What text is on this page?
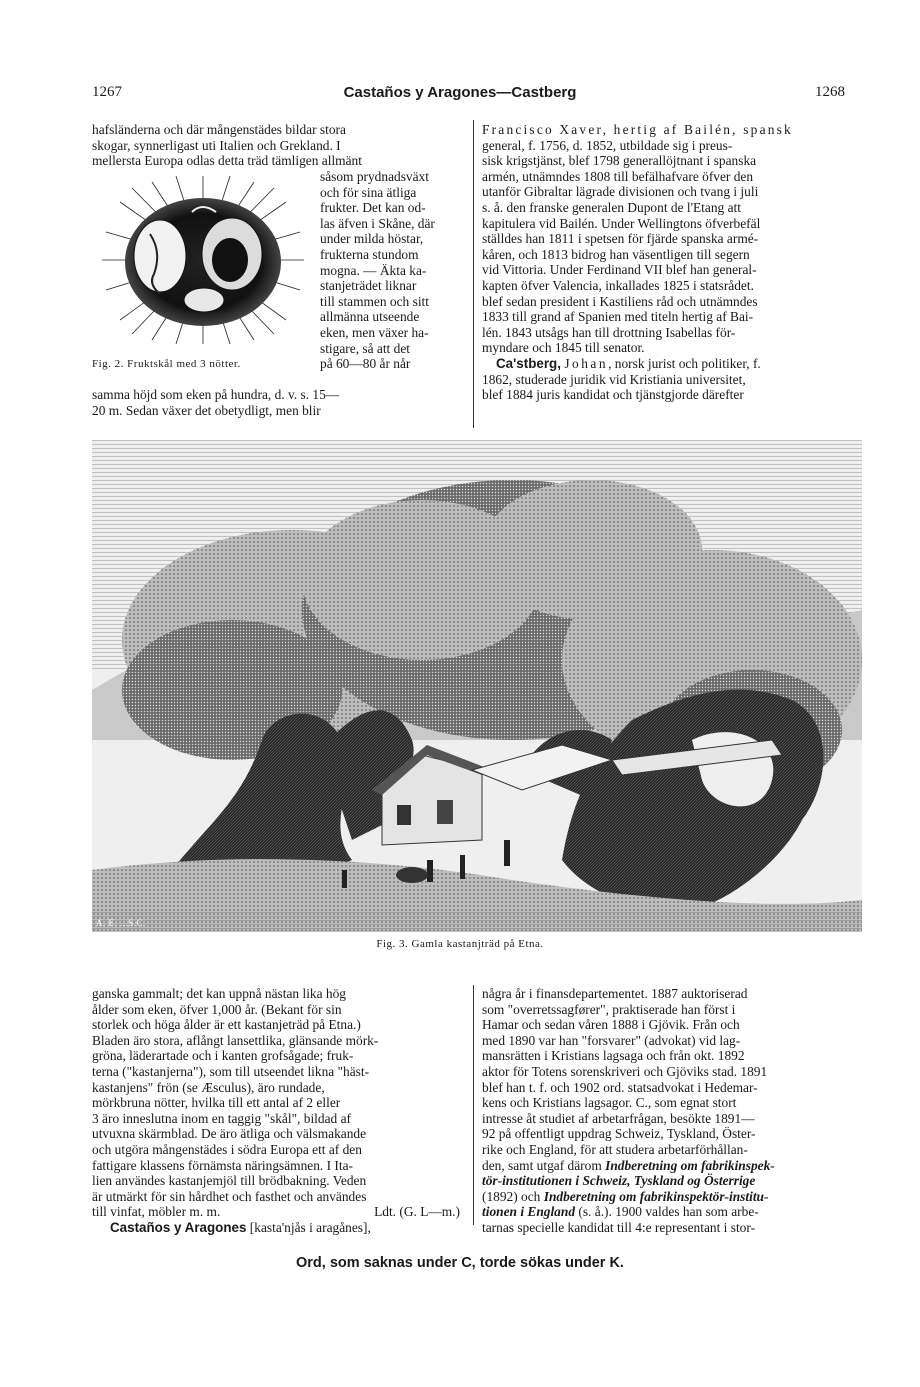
1267	Castaños y Aragones—Castberg	1268
hafsländerna och där mångenstädes bildar stora
skogar, synnerligast uti Italien och Grekland. I
mellersta Europa odlas detta träd tämligen allmänt
såsom prydnadsväxt
och för sina ätliga
frukter. Det kan od-
las äfven i Skåne, där
under milda höstar,
frukterna stundom
mogna. — Äkta ka-
stanjeträdet liknar
till stammen och sitt
allmänna utseende
eken, men växer ha-
stigare, så att det
på 60—80 år når
Fig. 2. Fruktskål med 3 nötter.
samma höjd som eken på hundra, d. v. s. 15—
20 m. Sedan växer det obetydligt, men blir
Francisco Xaver, hertig af Bailén, spansk
general, f. 1756, d. 1852, utbildade sig i preus-
sisk krigstjänst, blef 1798 generallöjtnant i spanska
armén, utnämndes 1808 till befälhafvare öfver den
utanför Gibraltar lägrade divisionen och tvang i juli
s. å. den franske generalen Dupont de l'Etang att
kapitulera vid Bailén. Under Wellingtons öfverbefäl
ställdes han 1811 i spetsen för fjärde spanska armé-
kåren, och 1813 bidrog han väsentligen till segern
vid Vittoria. Under Ferdinand VII blef han general-
kapten öfver Valencia, inkallades 1825 i statsrådet.
blef sedan president i Kastiliens råd och utnämndes
1833 till grand af Spanien med titeln hertig af Bai-
lén. 1843 utsågs han till drottning Isabellas för-
myndare och 1845 till senator.
Ca'stberg, Johan, norsk jurist och politiker, f.
1862, studerade juridik vid Kristiania universitet,
blef 1884 juris kandidat och tjänstgjorde därefter
A. E. ...S.C.
Fig. 3. Gamla kastanjträd på Etna.
ganska gammalt; det kan uppnå nästan lika hög
ålder som eken, öfver 1,000 år. (Bekant för sin
storlek och höga ålder är ett kastanjeträd på Etna.)
Bladen äro stora, aflångt lansettlika, glänsande mörk-
gröna, läderartade och i kanten grofsågade; fruk-
terna ("kastanjerna"), som till utseendet likna "häst-
kastanjens" frön (se Æsculus), äro rundade,
mörkbruna nötter, hvilka till ett antal af 2 eller
3 äro inneslutna inom en taggig "skål", bildad af
utvuxna skärmblad. De äro ätliga och välsmakande
och utgöra mångenstädes i södra Europa ett af den
fattigare klassens förnämsta näringsämnen. I Ita-
lien användes kastanjemjöl till brödbakning. Veden
är utmärkt för sin hårdhet och fasthet och användes
till vinfat, möbler m. m.	Ldt. (G. L—m.)
Castaños y Aragones [kasta'njås i aragånes],
några år i finansdepartementet. 1887 auktoriserad
som "overretssagfører", praktiserade han först i
Hamar och sedan våren 1888 i Gjövik. Från och
med 1890 var han "forsvarer" (advokat) vid lag-
mansrätten i Kristians lagsaga och från okt. 1892
aktor för Totens sorenskriveri och Gjöviks stad. 1891
blef han t. f. och 1902 ord. statsadvokat i Hedemar-
kens och Kristians lagsagor. C., som egnat stort
intresse åt studiet af arbetarfrågan, besökte 1891—
92 på offentligt uppdrag Schweiz, Tyskland, Öster-
rike och England, för att studera arbetarförhållan-
den, samt utgaf därom Indberetning om fabrikinspek-
tör-institutionen i Schweiz, Tyskland og Österrige
(1892) och Indberetning om fabrikinspektör-institu-
tionen i England (s. å.). 1900 valdes han som arbe-
tarnas specielle kandidat till 4:e representant i stor-
Ord, som saknas under C, torde sökas under K.
